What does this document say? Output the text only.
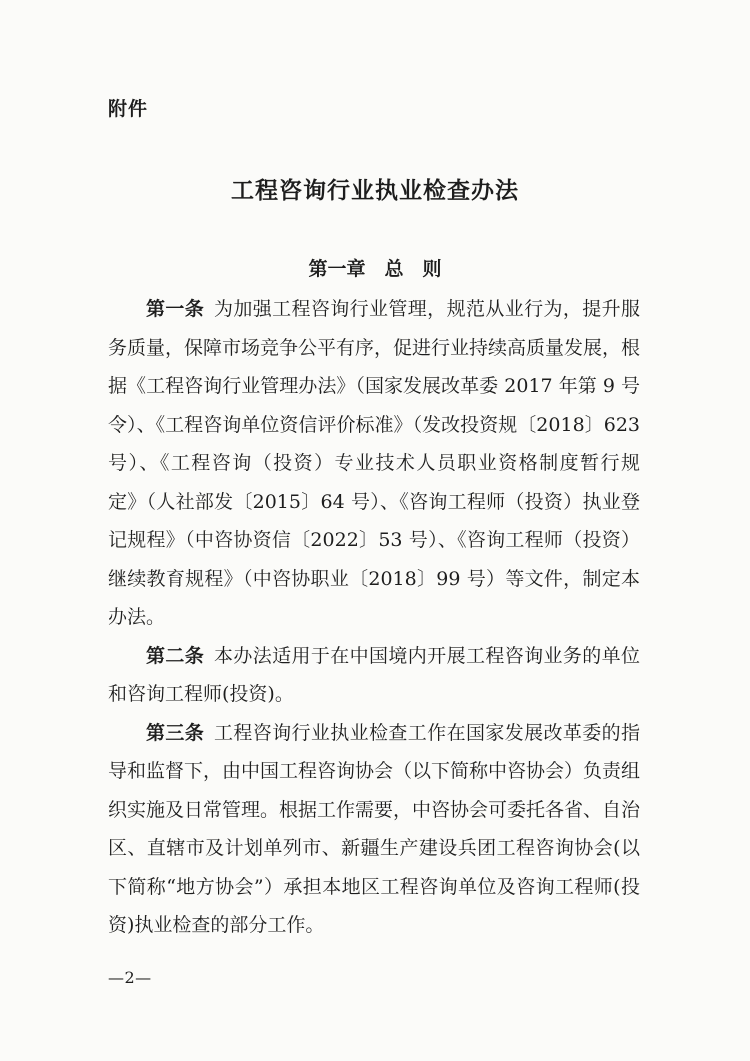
附件
工程咨询行业执业检查办法
第一章　总　则

第一条  为加强工程咨询行业管理，规范从业行为，提升服务质量，保障市场竞争公平有序，促进行业持续高质量发展，根据《工程咨询行业管理办法》（国家发展改革委 2017 年第 9 号令）、《工程咨询单位资信评价标准》（发改投资规〔2018〕623 号）、《工程咨询（投资）专业技术人员职业资格制度暂行规定》（人社部发〔2015〕64 号）、《咨询工程师（投资）执业登记规程》（中咨协资信〔2022〕53 号）、《咨询工程师（投资）继续教育规程》（中咨协职业〔2018〕99 号）等文件，制定本办法。

第二条  本办法适用于在中国境内开展工程咨询业务的单位和咨询工程师(投资)。

第三条  工程咨询行业执业检查工作在国家发展改革委的指导和监督下，由中国工程咨询协会（以下简称中咨协会）负责组织实施及日常管理。根据工作需要，中咨协会可委托各省、自治区、直辖市及计划单列市、新疆生产建设兵团工程咨询协会(以下简称“地方协会”）承担本地区工程咨询单位及咨询工程师(投资)执业检查的部分工作。

—2—
